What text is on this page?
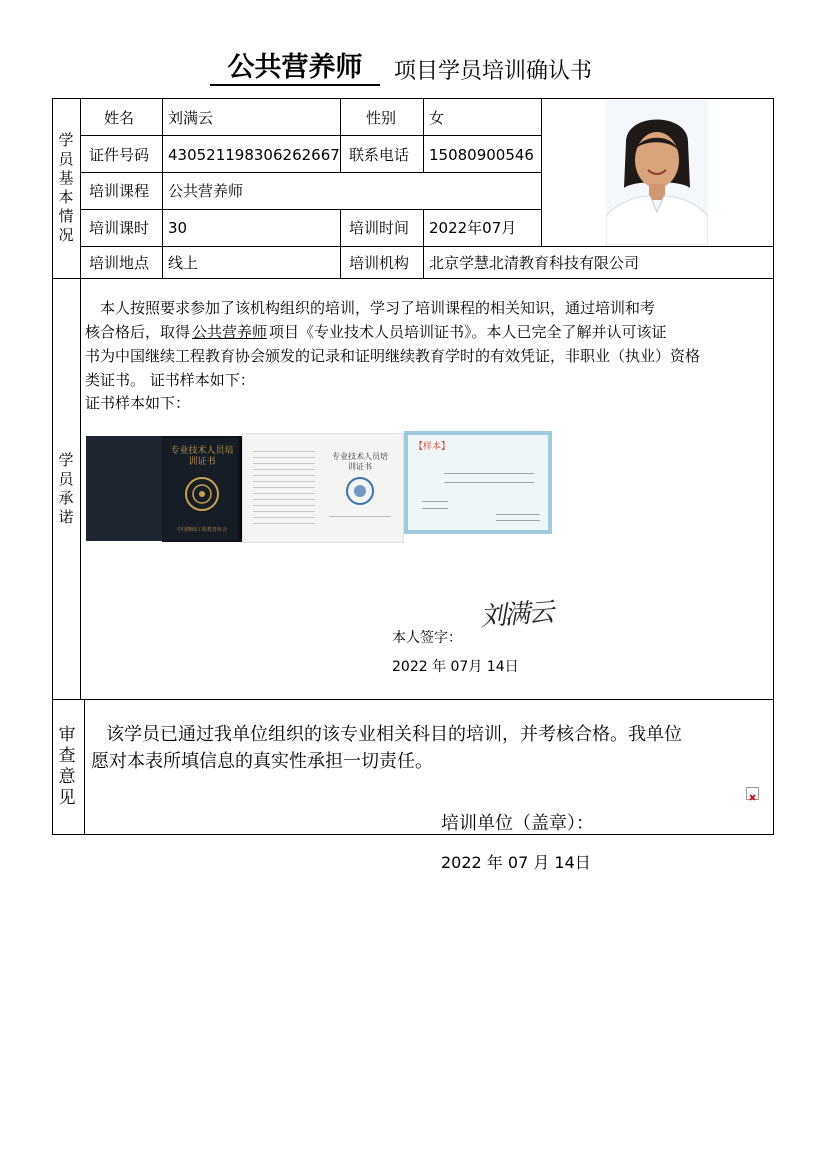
公共营养师	项目学员培训确认书
学员基本情况
学员承诺
审查意见
姓名 刘满云	性别 女
证件号码 430521198306262667 联系电话 15080900546
培训课程 公共营养师
培训课时 30	培训时间 2022年07月
培训地点 线上	培训机构 北京学慧北清教育科技有限公司
本人按照要求参加了该机构组织的培训，学习了培训课程的相关知识，通过培训和考
核合格后，取得 公共营养师 项目《专业技术人员培训证书》。本人已完全了解并认可该证
书为中国继续工程教育协会颁发的记录和证明继续教育学时的有效凭证，非职业（执业）资格
类证书。 证书样本如下：
证书样本如下：
专业技术人员培训证书
中国继续工程教育协会
专业技术人员培训证书
【样本】
本人签字：
刘满云
2022 年 07月 14日
该学员已通过我单位组织的该专业相关科目的培训，并考核合格。我单位
愿对本表所填信息的真实性承担一切责任。
培训单位（盖章）：
2022 年 07 月 14日
